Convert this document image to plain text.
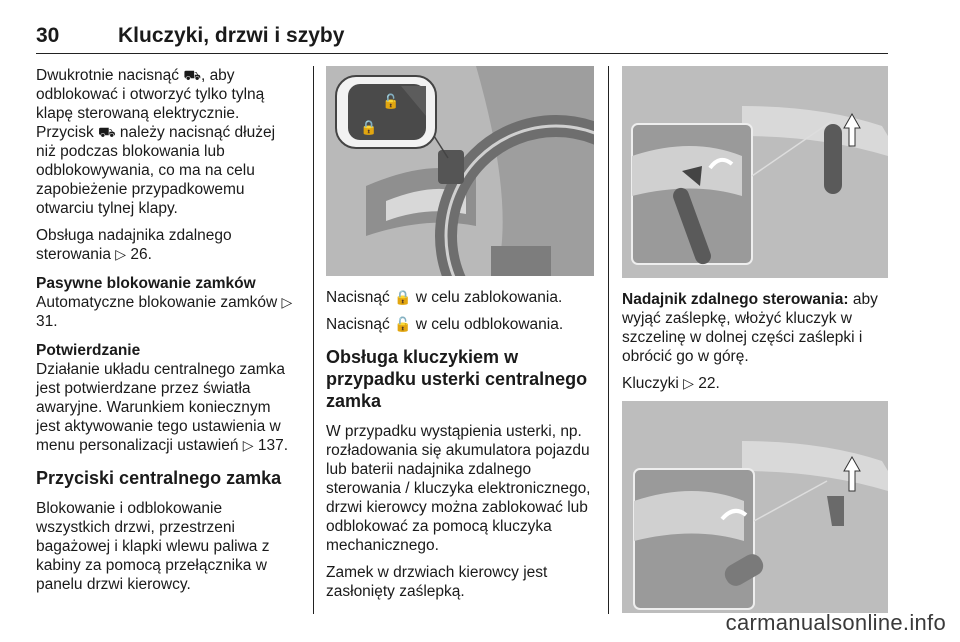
30	Kluczyki, drzwi i szyby

Dwukrotnie nacisnąć ⛟, aby odblokować i otworzyć tylko tylną klapę sterowaną elektrycznie. Przycisk ⛟ należy nacisnąć dłużej niż podczas blokowania lub odblokowywania, co ma na celu zapobieżenie przypadkowemu otwarciu tylnej klapy.

Obsługa nadajnika zdalnego sterowania ▷ 26.

Pasywne blokowanie zamków

Automatyczne blokowanie zamków ▷ 31.

Potwierdzanie

Działanie układu centralnego zamka jest potwierdzane przez światła awaryjne. Warunkiem koniecznym jest aktywowanie tego ustawienia w menu personalizacji ustawień ▷ 137.

Przyciski centralnego zamka

Blokowanie i odblokowanie wszystkich drzwi, przestrzeni bagażowej i klapki wlewu paliwa z kabiny za pomocą przełącznika w panelu drzwi kierowcy.

🔓
🔒

Nacisnąć 🔒 w celu zablokowania.

Nacisnąć 🔓 w celu odblokowania.

Obsługa kluczykiem w przypadku usterki centralnego zamka

W przypadku wystąpienia usterki, np. rozładowania się akumulatora pojazdu lub baterii nadajnika zdalnego sterowania / kluczyka elektronicznego, drzwi kierowcy można zablokować lub odblokować za pomocą kluczyka mechanicznego.

Zamek w drzwiach kierowcy jest zasłonięty zaślepką.

Nadajnik zdalnego sterowania: aby wyjąć zaślepkę, włożyć kluczyk w szczelinę w dolnej części zaślepki i obrócić go w górę.

Kluczyki ▷ 22.

carmanualsonline.info
